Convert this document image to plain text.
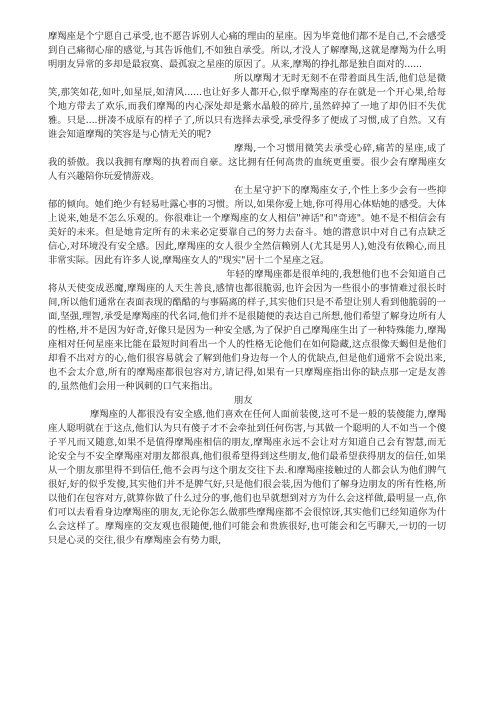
摩羯座是个宁愿自己承受,也不愿告诉别人心痛的理由的星座。因为毕竟他们都不是自己,不会感受到自己痛彻心扉的感觉,与其告诉他们,不如独自承受。所以,才没人了解摩羯,这就是摩羯为什么明明朋友异常的多却是最寂寞、最孤寂之星座的原因了。从来,摩羯的挣扎都是独自面对的......

所以摩羯才无时无刻不在带着面具生活,他们总是微笑,那笑如花,如叶,如星辰,如清风......也让好多人都开心,似乎摩羯座的存在就是一个开心果,给每个地方带去了欢乐,而我们摩羯的内心深处却是紫水晶般的碎片,虽然碎掉了一地了却仍旧不失优雅。只是....拼凑不成原有的样子了,所以只有选择去承受,承受得多了便成了习惯,成了自然。又有谁会知道摩羯的笑容是与心情无关的呢?

摩羯,一个习惯用微笑去承受心碎,痛苦的星座,成了我的骄傲。我以我拥有摩羯的执着而自豪。这比拥有任何高贵的血统更重要。很少会有摩羯座女人有兴趣陪你玩爱情游戏。

在土星守护下的摩羯座女子,个性上多少会有一些抑郁的倾向。她们绝少有轻易吐露心事的习惯。所以,如果你爱上她,你可得用心体贴她的感受。大体上说来,她是不怎么乐观的。你很难让一个摩羯座的女人相信"神话"和"奇迹"。她不是不相信会有美好的未来。但是她肯定所有的未来必定要靠自己的努力去奋斗。她的潜意识中对自己有点缺乏信心,对环境没有安全感。因此,摩羯座的女人很少全然信赖别人(尤其是男人),她没有依赖心,而且非常实际。因此有许多人说,摩羯座女人的"现实"居十二个星座之冠。

年轻的摩羯座都是很单纯的,我想他们也不会知道自己将从天使变成恶魔,摩羯座的人天生善良,感情也都很脆弱,也许会因为一些很小的事情难过很长时间,所以他们通常在表面表现的酷酷的与事隔离的样子,其实他们只是不希望让别人看到他脆弱的一面,坚强,理智,承受是摩羯座的代名词,他们并不是很随便的表达自己所想,他们希望了解身边所有人的性格,并不是因为好奇,好像只是因为一种安全感,为了保护自己摩羯座生出了一种特殊能力,摩羯座相对任何星座来比能在最短时间看出一个人的性格无论他们在如何隐藏,这点很像天蝎但是他们却看不出对方的心,他们很容易就会了解到他们身边每一个人的优缺点,但是他们通常不会说出来,也不会太介意,所有的摩羯座都很包容对方,请记得,如果有一只摩羯座指出你的缺点那一定是友善的,虽然他们会用一种讽刺的口气来指出。

朋友

摩羯座的人都很没有安全感,他们喜欢在任何人面前装傻,这可不是一般的装傻能力,摩羯座人聪明就在于这点,他们认为只有傻子才不会牵扯到任何伤害,与其做一个聪明的人不如当一个傻子平凡而又随意,如果不是值得摩羯座相信的朋友,摩羯座永远不会让对方知道自己会有智慧,而无论安全与不安全摩羯座对朋友都很真,他们很希望得到这些朋友,他们最希望获得朋友的信任,如果从一个朋友那里得不到信任,他不会再与这个朋友交往下去.和摩羯座接触过的人都会认为他们脾气很好,好的似乎发傻,其实他们并不是脾气好,只是他们很会装,因为他们了解身边朋友的所有性格,所以他们在包容对方,就算你做了什么过分的事,他们也早就想到对方为什么会这样做,最明显一点,你们可以去看看身边摩羯座的朋友,无论你怎么做那些摩羯座都不会很惊讶,其实他们已经知道你为什么会这样了。摩羯座的交友观也很随便,他们可能会和贵族很好,也可能会和乞丐聊天,一切的一切只是心灵的交往,很少有摩羯座会有势力眼,
